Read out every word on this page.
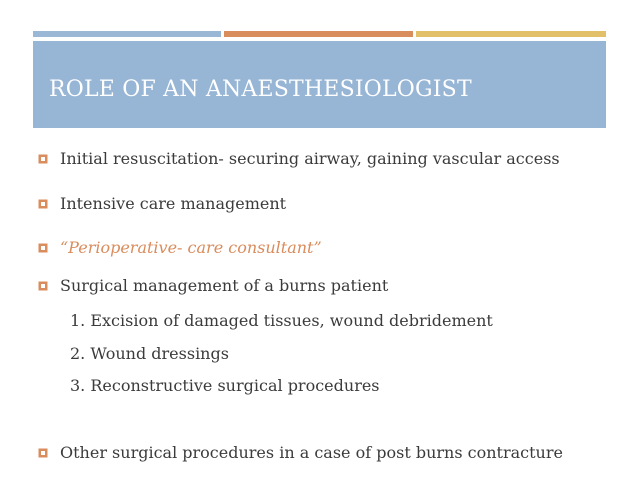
ROLE OF AN ANAESTHESIOLOGIST
Initial resuscitation- securing airway, gaining vascular access
Intensive care management
“Perioperative- care consultant”
Surgical management of a burns patient
1. Excision of damaged tissues, wound debridement
2. Wound dressings
3. Reconstructive surgical procedures
Other surgical procedures in a case of post burns contracture
